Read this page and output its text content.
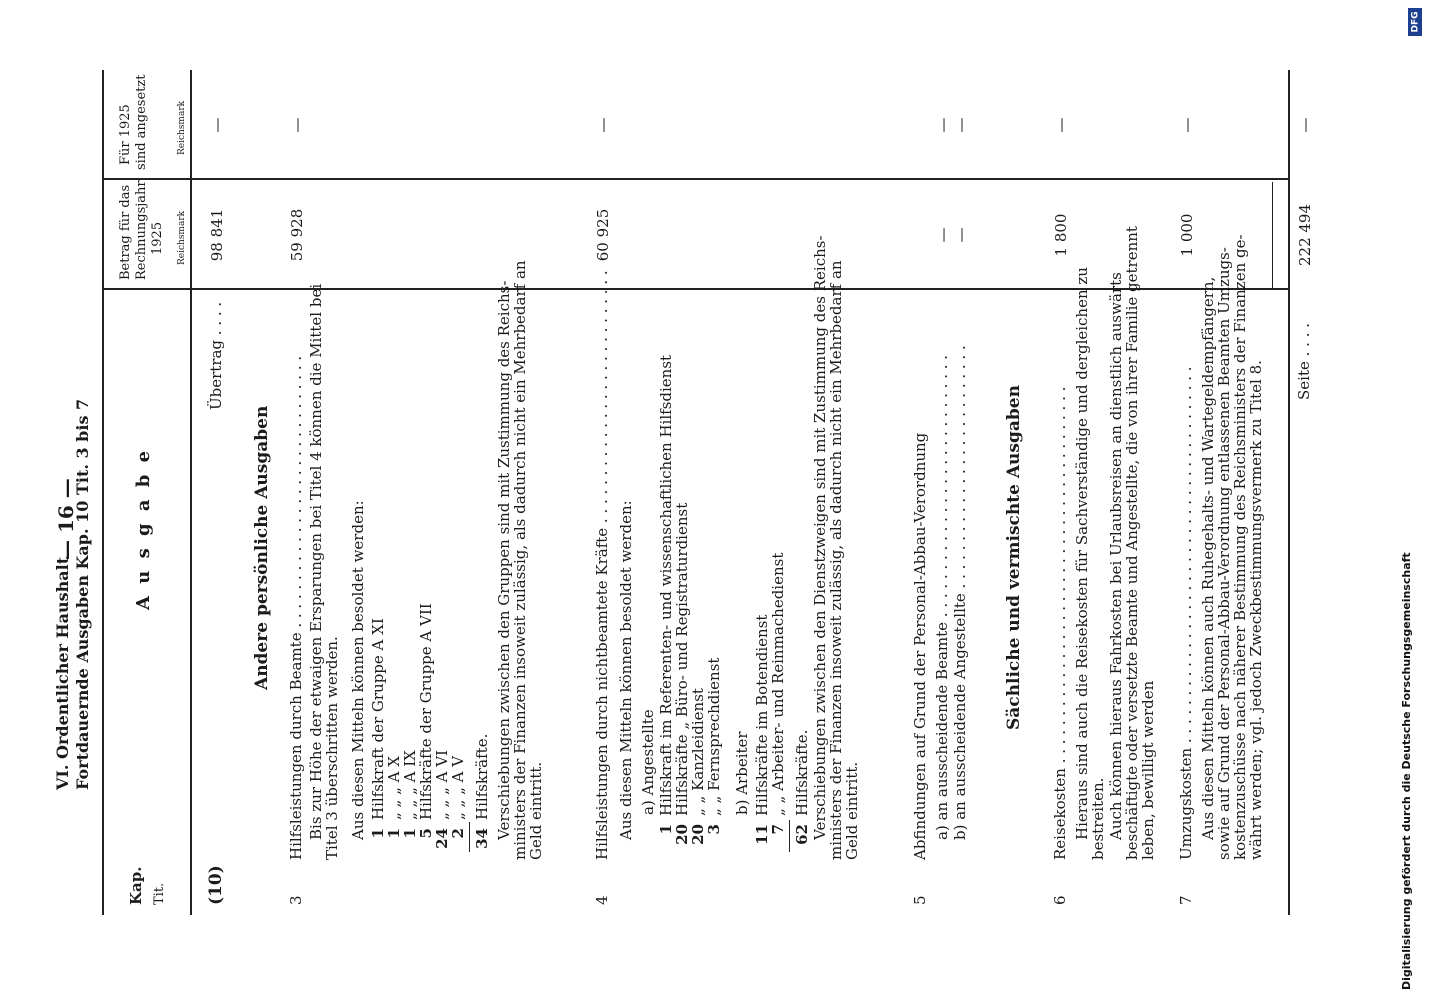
VI. Ordentlicher Haushalt Fortdauernde Ausgaben Kap. 10 Tit. 3 bis 7
— 16 —
Kap. Tit.
A u s g a b e
Betrag für das Rechnungsjahr 1925	Reichsmark
Für 1925 sind angesetzt	Reichsmark
(10)
Übertrag . . . .
98 841
—
Andere persönliche Ausgaben
3
Hilfsleistungen durch Beamte . . . . . . . . . . . . . . . . . . . . . . . . . . . . .
59 928
—
Bis zur Höhe der etwaigen Ersparungen bei Titel 4 können die Mittel bei
Titel 3 überschritten werden. Aus diesen Mitteln können besoldet werden: 1
Hilfskraft der Gruppe A XI
1
„ „ „ A X
1
„ „ „ A IX
5
Hilfskräfte der Gruppe A VII
24
„ „ „ A VI
2
„ „ „ A V
34
Hilfskräfte. Verschiebungen zwischen den Gruppen sind mit Zustimmung des Reichs-
ministers der Finanzen insoweit zulässig, als dadurch nicht ein Mehrbedarf an
Geld eintritt.
4
Hilfsleistungen durch nichtbeamtete Kräfte . . . . . . . . . . . . . . . . . . . . . . . . . . .
60 925
—
Aus diesen Mitteln können besoldet werden: a) Angestellte
1
Hilfskraft im Referenten- und wissenschaftlichen Hilfsdienst
20
Hilfskräfte „ Büro- und Registraturdienst
20
„ „ Kanzleidienst
3
„ „ Fernsprechdienst b) Arbeiter
11
Hilfskräfte im Botendienst
7
„ „ Arbeiter- und Reinmachedienst
62
Hilfskräfte. Verschiebungen zwischen den Dienstzweigen sind mit Zustimmung des Reichs-
ministers der Finanzen insoweit zulässig, als dadurch nicht ein Mehrbedarf an
Geld eintritt.
5
Abfindungen auf Grund der Personal-Abbau-Verordnung a) an ausscheidende Beamte . . . . . . . . . . . . . . . . . . . . . . . . . . . . b) an ausscheidende Angestellte . . . . . . . . . . . . . . . . . . . . . . . . . .
— —
— —
Sächliche und vermischte Ausgaben
6
Reisekosten . . . . . . . . . . . . . . . . . . . . . . . . . . . . . . . . . . . . . . . .
1 800
—
Hieraus sind auch die Reisekosten für Sachverständige und dergleichen zu
bestreiten. Auch können hieraus Fahrkosten bei Urlaubsreisen an dienstlich auswärts
beschäftigte oder versetzte Beamte und Angestellte, die von ihrer Familie getrennt
leben, bewilligt werden
7
Umzugskosten . . . . . . . . . . . . . . . . . . . . . . . . . . . . . . . . . . . . . . . .
1 000
—
Aus diesen Mitteln können auch Ruhegehalts- und Wartegeldempfängern,
sowie auf Grund der Personal-Abbau-Verordnung entlassenen Beamten Umzugs-
kostenzuschüsse nach näherer Bestimmung des Reichsministers der Finanzen ge-
währt werden; vgl. jedoch Zweckbestimmungsvermerk zu Titel 8. Seite . . . .
222 494
—
DFG
Digitalisierung gefördert durch die Deutsche Forschungsgemeinschaft
